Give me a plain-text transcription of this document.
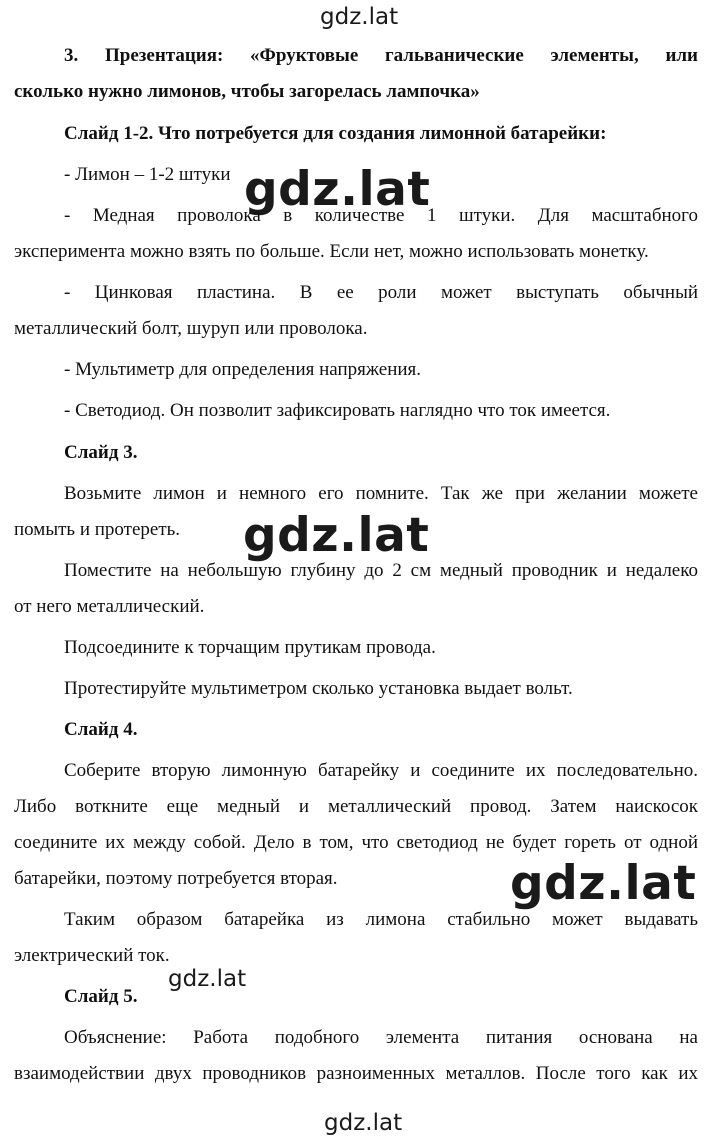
gdz.lat
gdz.lat
gdz.lat
gdz.lat
gdz.lat
gdz.lat
3. Презентация: «Фруктовые гальванические элементы, или
сколько нужно лимонов, чтобы загорелась лампочка»
Слайд 1-2. Что потребуется для создания лимонной батарейки:
- Лимон – 1-2 штуки
- Медная проволока в количестве 1 штуки. Для масштабного
эксперимента можно взять по больше. Если нет, можно использовать монетку.
- Цинковая пластина. В ее роли может выступать обычный
металлический болт, шуруп или проволока.
- Мультиметр для определения напряжения.
- Светодиод. Он позволит зафиксировать наглядно что ток имеется.
Слайд 3.
Возьмите лимон и немного его помните. Так же при желании можете
помыть и протереть.
Поместите на небольшую глубину до 2 см медный проводник и недалеко
от него металлический.
Подсоедините к торчащим прутикам провода.
Протестируйте мультиметром сколько установка выдает вольт.
Слайд 4.
Соберите вторую лимонную батарейку и соедините их последовательно.
Либо воткните еще медный и металлический провод. Затем наискосок
соедините их между собой. Дело в том, что светодиод не будет гореть от одной
батарейки, поэтому потребуется вторая.
Таким образом батарейка из лимона стабильно может выдавать
электрический ток.
Слайд 5.
Объяснение: Работа подобного элемента питания основана на
взаимодействии двух проводников разноименных металлов. После того как их
